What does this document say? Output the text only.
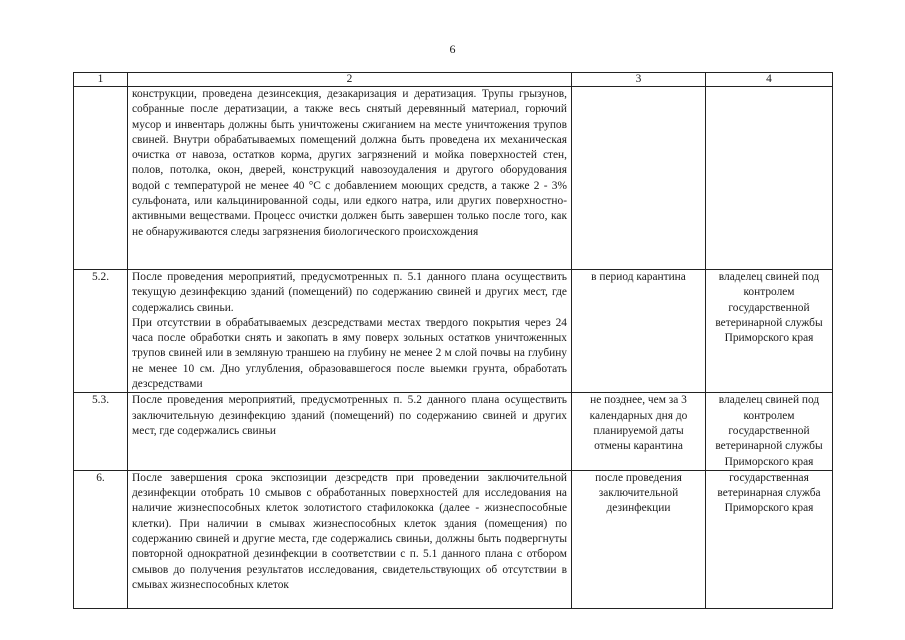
6
1	2	3	4

	конструкции, проведена дезинсекция, дезакаризация и дератизация. Трупы грызунов, собранные после дератизации, а также весь снятый деревянный материал, горючий мусор и инвентарь должны быть уничтожены сжиганием на месте уничтожения трупов свиней. Внутри обрабатываемых помещений должна быть проведена их механическая очистка от навоза, остатков корма, других загрязнений и мойка поверхностей стен, полов, потолка, окон, дверей, конструкций навозоудаления и другого оборудования водой с температурой не менее 40 °С с добавлением моющих средств, а также 2 - 3% сульфоната, или кальцинированной соды, или едкого натра, или других поверхностно-активными веществами. Процесс очистки должен быть завершен только после того, как не обнаруживаются следы загрязнения биологического происхождения		

5.2.	После проведения мероприятий, предусмотренных п. 5.1 данного плана осуществить текущую дезинфекцию зданий (помещений) по содержанию свиней и других мест, где содержались свиньи.
При отсутствии в обрабатываемых дезсредствами местах твердого покрытия через 24 часа после обработки снять и закопать в яму поверх зольных остатков уничтоженных трупов свиней или в земляную траншею на глубину не менее 2 м слой почвы на глубину не менее 10 см. Дно углубления, образовавшегося после выемки грунта, обработать дезсредствами	в период карантина	владелец свиней под контролем государственной ветеринарной службы Приморского края
5.3.	После проведения мероприятий, предусмотренных п. 5.2 данного плана осуществить заключительную дезинфекцию зданий (помещений) по содержанию свиней и других мест, где содержались свиньи	не позднее, чем за 3 календарных дня до планируемой даты отмены карантина	владелец свиней под контролем государственной ветеринарной службы Приморского края
6.	После завершения срока экспозиции дезсредств при проведении заключительной дезинфекции отобрать 10 смывов с обработанных поверхностей для исследования на наличие жизнеспособных клеток золотистого стафилококка (далее - жизнеспособные клетки). При наличии в смывах жизнеспособных клеток здания (помещения) по содержанию свиней и другие места, где содержались свиньи, должны быть подвергнуты повторной однократной дезинфекции в соответствии с п. 5.1 данного плана с отбором смывов до получения результатов исследования, свидетельствующих об отсутствии в смывах жизнеспособных клеток	после проведения заключительной дезинфекции	государственная ветеринарная служба Приморского края
